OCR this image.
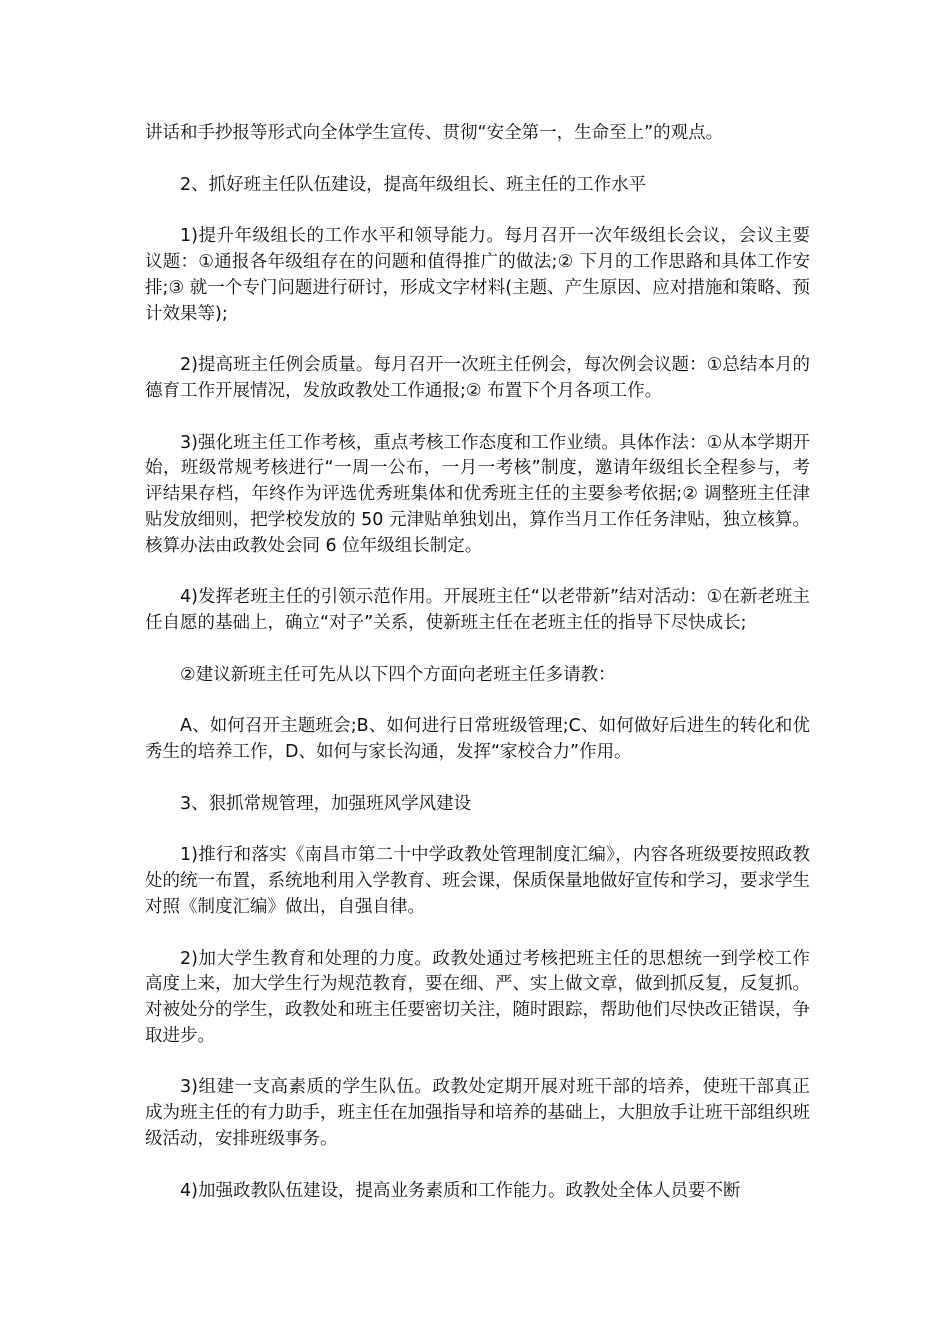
讲话和手抄报等形式向全体学生宣传、贯彻“安全第一，生命至上”的观点。

2、抓好班主任队伍建设，提高年级组长、班主任的工作水平

1)提升年级组长的工作水平和领导能力。每月召开一次年级组长会议，会议主要议题：①通报各年级组存在的问题和值得推广的做法;② 下月的工作思路和具体工作安排;③ 就一个专门问题进行研讨，形成文字材料(主题、产生原因、应对措施和策略、预计效果等);

2)提高班主任例会质量。每月召开一次班主任例会，每次例会议题：①总结本月的德育工作开展情况，发放政教处工作通报;② 布置下个月各项工作。

3)强化班主任工作考核，重点考核工作态度和工作业绩。具体作法：①从本学期开始，班级常规考核进行“一周一公布，一月一考核”制度，邀请年级组长全程参与，考评结果存档，年终作为评选优秀班集体和优秀班主任的主要参考依据;② 调整班主任津贴发放细则，把学校发放的 50 元津贴单独划出，算作当月工作任务津贴，独立核算。核算办法由政教处会同 6 位年级组长制定。

4)发挥老班主任的引领示范作用。开展班主任“以老带新”结对活动：①在新老班主任自愿的基础上，确立“对子”关系，使新班主任在老班主任的指导下尽快成长;

②建议新班主任可先从以下四个方面向老班主任多请教：

A、如何召开主题班会;B、如何进行日常班级管理;C、如何做好后进生的转化和优秀生的培养工作，D、如何与家长沟通，发挥“家校合力”作用。

3、狠抓常规管理，加强班风学风建设

1)推行和落实《南昌市第二十中学政教处管理制度汇编》，内容各班级要按照政教处的统一布置，系统地利用入学教育、班会课，保质保量地做好宣传和学习，要求学生对照《制度汇编》做出，自强自律。

2)加大学生教育和处理的力度。政教处通过考核把班主任的思想统一到学校工作高度上来，加大学生行为规范教育，要在细、严、实上做文章，做到抓反复，反复抓。对被处分的学生，政教处和班主任要密切关注，随时跟踪，帮助他们尽快改正错误，争取进步。

3)组建一支高素质的学生队伍。政教处定期开展对班干部的培养，使班干部真正成为班主任的有力助手，班主任在加强指导和培养的基础上，大胆放手让班干部组织班级活动，安排班级事务。

4)加强政教队伍建设，提高业务素质和工作能力。政教处全体人员要不断
